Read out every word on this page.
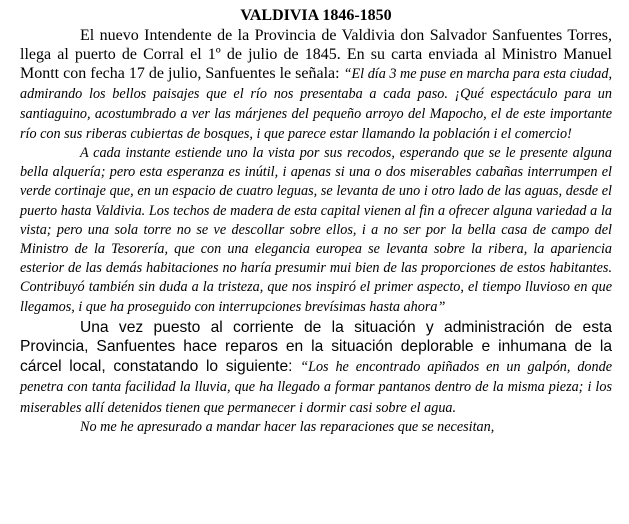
VALDIVIA 1846-1850

El nuevo Intendente de la Provincia de Valdivia don Salvador Sanfuentes Torres, llega al puerto de Corral el 1º de julio de 1845. En su carta enviada al Ministro Manuel Montt con fecha 17 de julio, Sanfuentes le señala: “El día 3 me puse en marcha para esta ciudad, admirando los bellos paisajes que el río nos presentaba a cada paso. ¡Qué espectáculo para un santiaguino, acostumbrado a ver las márjenes del pequeño arroyo del Mapocho, el de este importante río con sus riberas cubiertas de bosques, i que parece estar llamando la población i el comercio!

A cada instante estiende uno la vista por sus recodos, esperando que se le presente alguna bella alquería; pero esta esperanza es inútil, i apenas si una o dos miserables cabañas interrumpen el verde cortinaje que, en un espacio de cuatro leguas, se levanta de uno i otro lado de las aguas, desde el puerto hasta Valdivia. Los techos de madera de esta capital vienen al fin a ofrecer alguna variedad a la vista; pero una sola torre no se ve descollar sobre ellos, i a no ser por la bella casa de campo del Ministro de la Tesorería, que con una elegancia europea se levanta sobre la ribera, la apariencia esterior de las demás habitaciones no haría presumir mui bien de las proporciones de estos habitantes. Contribuyó también sin duda a la tristeza, que nos inspiró el primer aspecto, el tiempo lluvioso en que llegamos, i que ha proseguido con interrupciones brevísimas hasta ahora”

Una vez puesto al corriente de la situación y administración de esta Provincia, Sanfuentes hace reparos en la situación deplorable e inhumana de la cárcel local, constatando lo siguiente: “Los he encontrado apiñados en un galpón, donde penetra con tanta facilidad la lluvia, que ha llegado a formar pantanos dentro de la misma pieza; i los miserables allí detenidos tienen que permanecer i dormir casi sobre el agua.

No me he apresurado a mandar hacer las reparaciones que se necesitan,
